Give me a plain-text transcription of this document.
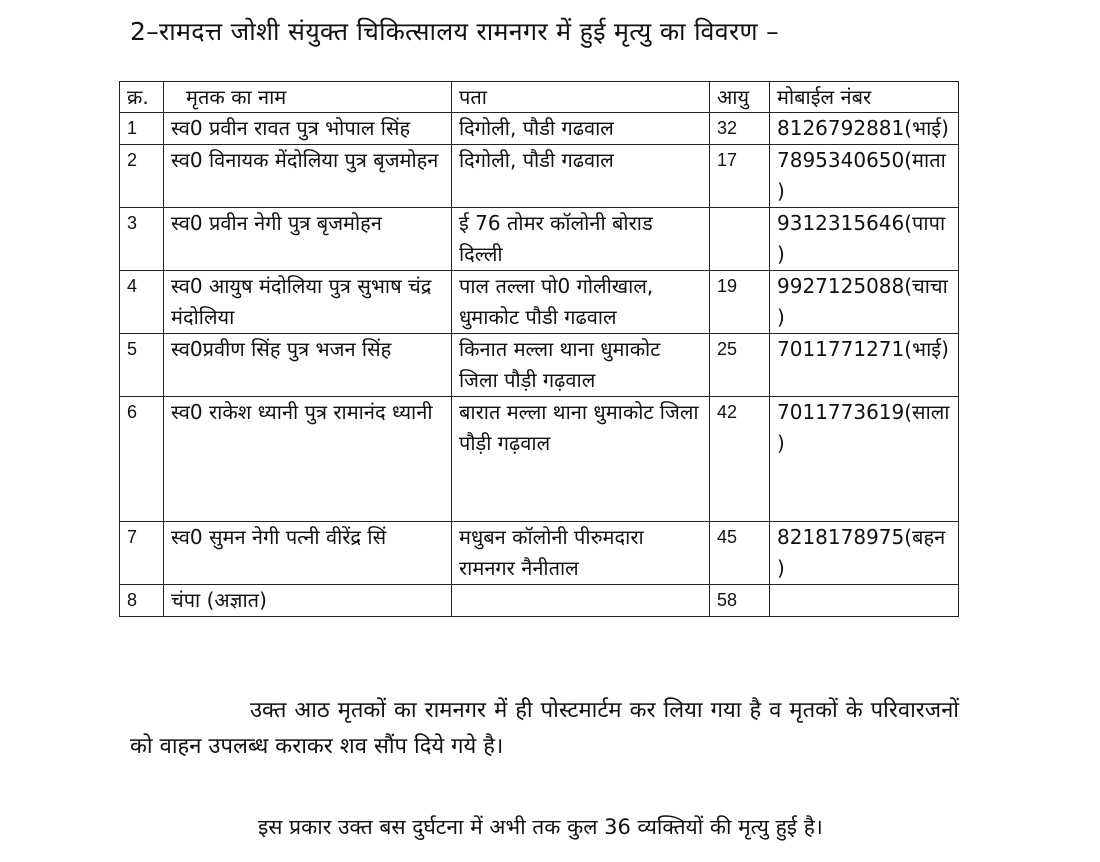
2–रामदत्त जोशी संयुक्त चिकित्सालय रामनगर में हुई मृत्यु का विवरण –
क्र.	मृतक का नाम	पता	आयु	मोबाईल नंबर
1	स्व0 प्रवीन रावत पुत्र भोपाल सिंह	दिगोली, पौडी गढवाल	32	8126792881(भाई)
2	स्व0 विनायक मेंदोलिया पुत्र बृजमोहन	दिगोली, पौडी गढवाल	17	7895340650(माता)
3	स्व0 प्रवीन नेगी पुत्र बृजमोहन	ई 76 तोमर कॉलोनी बोराड दिल्ली		9312315646(पापा)
4	स्व0 आयुष मंदोलिया पुत्र सुभाष चंद्र मंदोलिया	पाल तल्ला पो0 गोलीखाल, धुमाकोट पौडी गढवाल	19	9927125088(चाचा)
5	स्व0प्रवीण सिंह पुत्र भजन सिंह	किनात मल्ला थाना धुमाकोट जिला पौड़ी गढ़वाल	25	7011771271(भाई)
6	स्व0 राकेश ध्यानी पुत्र रामानंद ध्यानी	बारात मल्ला थाना धुमाकोट जिला पौड़ी गढ़वाल	42	7011773619(साला)
7	स्व0 सुमन नेगी पत्नी वीरेंद्र सिं	मधुबन कॉलोनी पीरुमदारा रामनगर नैनीताल	45	8218178975(बहन)
8	चंपा (अज्ञात)		58	
उक्त आठ मृतकों का रामनगर में ही पोस्टमार्टम कर लिया गया है व मृतकों के परिवारजनों को वाहन उपलब्ध कराकर शव सौंप दिये गये है।
इस प्रकार उक्त बस दुर्घटना में अभी तक कुल 36 व्यक्तियों की मृत्यु हुई है।
